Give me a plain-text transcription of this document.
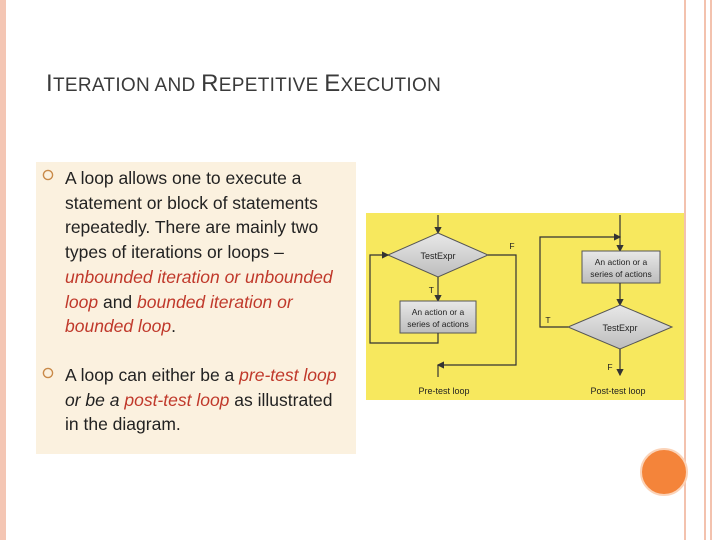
ITERATION AND REPETITIVE EXECUTION
A loop allows one to execute a statement or block of statements repeatedly. There are mainly two types of iterations or loops – unbounded iteration or unbounded loop and bounded iteration or bounded loop.
A loop can either be a pre-test loop or be a post-test loop as illustrated in the diagram.
TestExpr
F
T
An action or a
series of actions
Pre-test loop
An action or a
series of actions
TestExpr
T
F
Post-test loop
